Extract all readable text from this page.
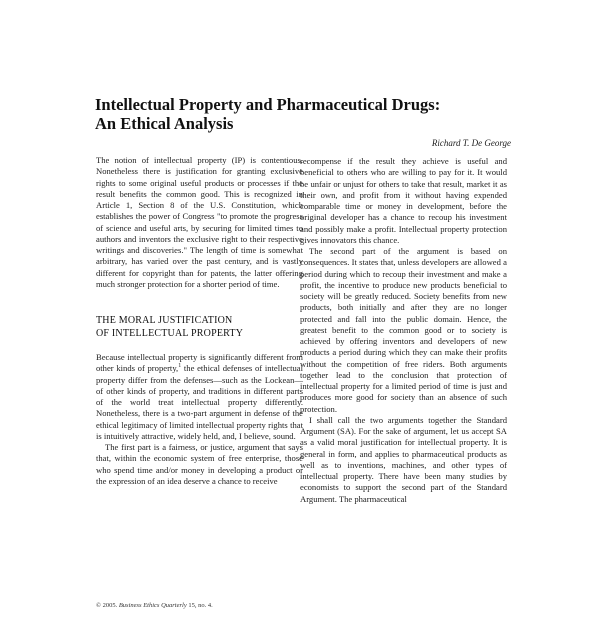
Intellectual Property and Pharmaceutical Drugs:
An Ethical Analysis

Richard T. De George

The notion of intellectual property (IP) is contentious. Nonetheless there is justification for granting exclusive rights to some original useful products or processes if the result benefits the common good. This is recognized in Article 1, Section 8 of the U.S. Constitution, which establishes the power of Congress "to promote the progress of science and useful arts, by securing for limited times to authors and inventors the exclusive right to their respective writings and discoveries." The length of time is somewhat arbitrary, has varied over the past century, and is vastly different for copyright than for patents, the latter offering much stronger protection for a shorter period of time.

THE MORAL JUSTIFICATION
OF INTELLECTUAL PROPERTY

Because intellectual property is significantly different from other kinds of property,$^1$ the ethical defenses of intellectual property differ from the defenses—such as the Lockean—of other kinds of property, and traditions in different parts of the world treat intellectual property differently. Nonetheless, there is a two-part argument in defense of the ethical legitimacy of limited intellectual property rights that is intuitively attractive, widely held, and, I believe, sound.

The first part is a fairness, or justice, argument that says that, within the economic system of free enterprise, those who spend time and/or money in developing a product or the expression of an idea deserve a chance to receive

recompense if the result they achieve is useful and beneficial to others who are willing to pay for it. It would be unfair or unjust for others to take that result, market it as their own, and profit from it without having expended comparable time or money in development, before the original developer has a chance to recoup his investment and possibly make a profit. Intellectual property protection gives innovators this chance.

The second part of the argument is based on consequences. It states that, unless developers are allowed a period during which to recoup their investment and make a profit, the incentive to produce new products beneficial to society will be greatly reduced. Society benefits from new products, both initially and after they are no longer protected and fall into the public domain. Hence, the greatest benefit to the common good or to society is achieved by offering inventors and developers of new products a period during which they can make their profits without the competition of free riders. Both arguments together lead to the conclusion that protection of intellectual property for a limited period of time is just and produces more good for society than an absence of such protection.

I shall call the two arguments together the Standard Argument (SA). For the sake of argument, let us accept SA as a valid moral justification for intellectual property. It is general in form, and applies to pharmaceutical products as well as to inventions, machines, and other types of intellectual property. There have been many studies by economists to support the second part of the Standard Argument. The pharmaceutical

© 2005. Business Ethics Quarterly 15, no. 4.
